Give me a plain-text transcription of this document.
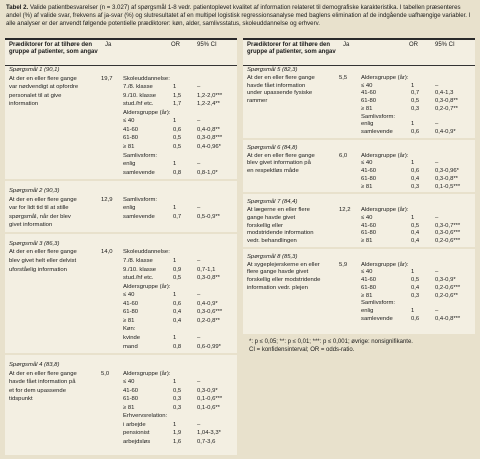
Tabel 2. Valide patientbesvarelser (n = 3.027) af spørgsmål 1-8 vedr. patientoplevet kvalitet af information relateret til demografiske karakteristika. I tabellen præsenteres andel (%) af valide svar, frekvens af ja-svar (%) og slutresultatet af en multipel logistisk regressionsanalyse med baglens elimination af de indgående uafhængige variabler. I alle analyser er der anvendt følgende potentielle prædiktorer: køn, alder, samlivsstatus, skoleuddannelse og erhverv.
Prædiktorer for at tilhøre den gruppe af patienter, som angav
Ja	OR	95% CI
Spørgsmål 1 (90,1)
At der en eller flere gange	19,7 Skoleuddannelse:
var nødvendigt at opfordre	7./8. klasse	1	–
personalet til at give	9./10. klasse	1,5	1,2-2,0***
information	stud./hf etc.	1,7	1,2-2,4**
Aldersgruppe (år):
≤ 40	1	–
41-60	0,6	0,4-0,8**
61-80	0,5	0,3-0,8***
≥ 81	0,5	0,4-0,96*
Samlivsform:
enlig	1	–
samlevende	0,8	0,8-1,0*
Spørgsmål 2 (90,3)
At der en eller flere gange	12,9 Samlivsform:
var for lidt tid til at stille	enlig	1	–
spørgsmål, når der blev	samlevende	0,7	0,5-0,9**
givet information
Spørgsmål 3 (86,3)
At der en eller flere gange	14,0 Skoleuddannelse:
blev givet helt eller delvist	7./8. klasse	1	–
uforståelig information	9./10. klasse	0,9	0,7-1,1
stud./hf etc.	0,5	0,3-0,8**
Aldersgruppe (år):
≤ 40	1	–
41-60	0,6	0,4-0,9*
61-80	0,4	0,3-0,6***
≥ 81	0,4	0,2-0,8**
Køn:
kvinde	1	–
mand	0,8	0,6-0,99*
Spørgsmål 4 (83,8)
At der en eller flere gange	5,0 Aldersgruppe (år):
havde fået information på	≤ 40	1	–
et for dem upassende	41-60	0,5	0,3-0,9*
tidspunkt	61-80	0,3	0,1-0,6***
≥ 81	0,3	0,1-0,6**
Erhvervsrelation:
i arbejde	1	–
pensionist	1,9	1,04-3,3*
arbejdsløs	1,6	0,7-3,6
Prædiktorer for at tilhøre den gruppe af patienter, som angav
Ja	OR	95% CI
Spørgsmål 5 (82,3)
At der en eller flere gange	5,5 Aldersgruppe (år):
havde fået information	≤ 40	1	–
under upassende fysiske	41-60	0,7	0,4-1,3
rammer	61-80	0,5	0,3-0,8**
≥ 81	0,3	0,2-0,7**
Samlivsform:
enlig	1	–
samlevende	0,6	0,4-0,9*
Spørgsmål 6 (84,8)
At der en eller flere gange	6,0 Aldersgruppe (år):
blev givet information på	≤ 40	1	–
en respektløs måde	41-60	0,6	0,3-0,96*
61-80	0,4	0,3-0,8**
≥ 81	0,3	0,1-0,5***
Spørgsmål 7 (84,4)
At lægerne en eller flere	12,2 Aldersgruppe (år):
gange havde givet	≤ 40	1	–
forskellig eller	41-60	0,5	0,3-0,7***
modstridende information	61-80	0,4	0,3-0,6***
vedr. behandlingen	≥ 81	0,4	0,2-0,6***
Spørgsmål 8 (85,3)
At sygeplejerskerne en eller	5,9 Aldersgruppe (år):
flere gange havde givet	≤ 40	1	–
forskellig eller modstridende	41-60	0,5	0,3-0,9*
information vedr. plejen	61-80	0,4	0,2-0,6***
≥ 81	0,3	0,2-0,6**
Samlivsform:
enlig	1	–
samlevende	0,6	0,4-0,8***
*: p ≤ 0,05; **: p ≤ 0,01; ***: p ≤ 0,001; øvrige: nonsignifikante.
CI = konfidensinterval; OR = odds-ratio.
